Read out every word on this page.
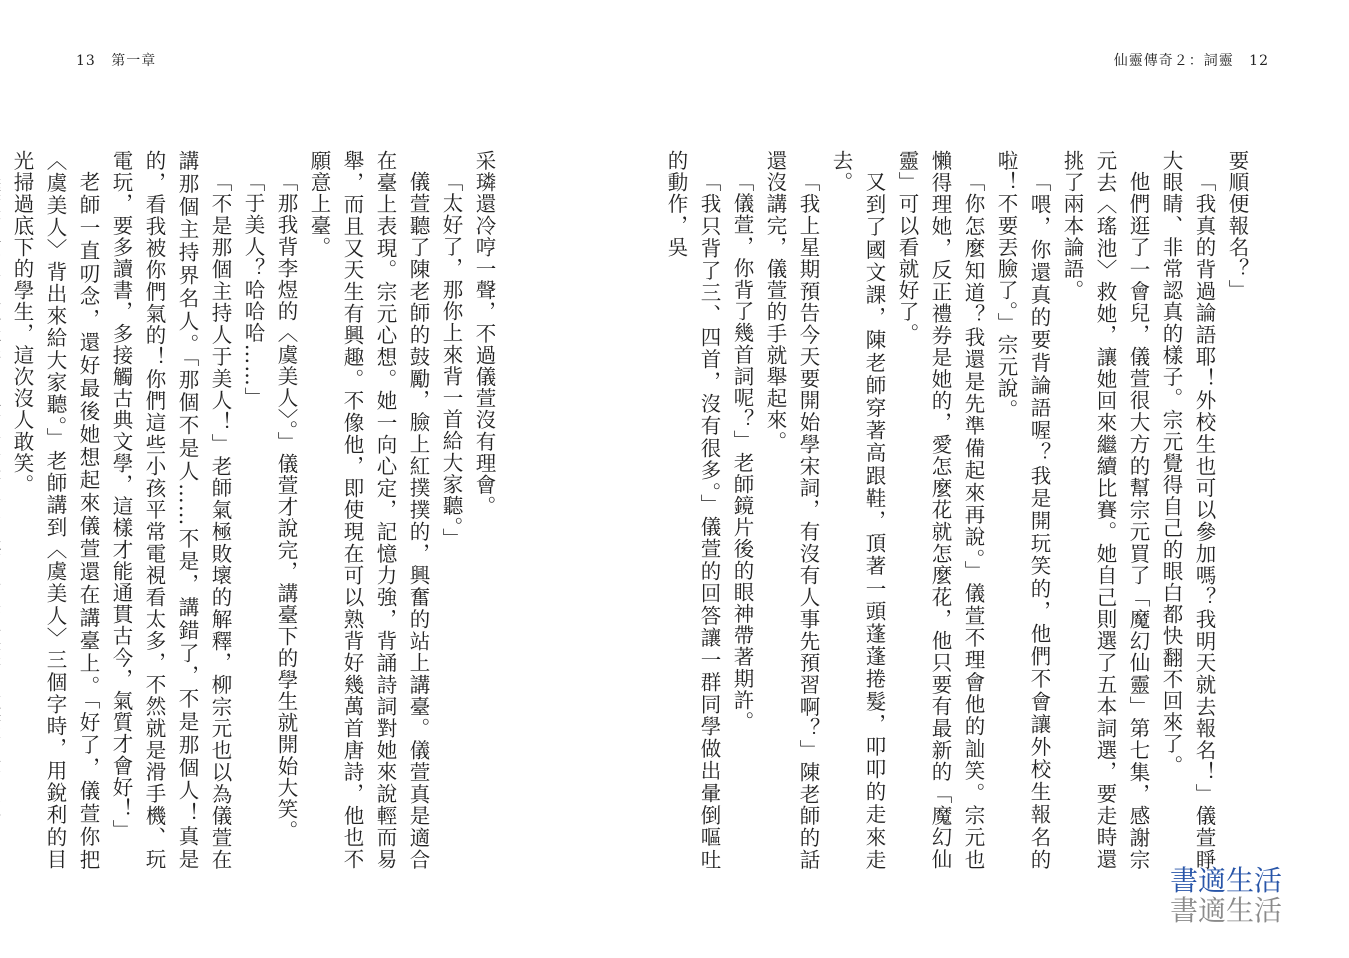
13 第一章

采璘還冷哼一聲，不過儀萱沒有理會。

「太好了，那你上來背一首給大家聽。」

儀萱聽了陳老師的鼓勵，臉上紅撲撲的，興奮的站上講臺。儀萱真是適合在臺上表現。宗元心想。她一向心定，記憶力強，背誦詩詞對她來說輕而易舉，而且又天生有興趣。不像他，即使現在可以熟背好幾萬首唐詩，他也不願意上臺。

「那我背李煜的〈虞美人〉。」儀萱才說完，講臺下的學生就開始大笑。

「于美人？哈哈哈……」

「不是那個主持人于美人！」老師氣極敗壞的解釋，柳宗元也以為儀萱在講那個主持界名人。「那個不是人……不是，講錯了，不是那個人！真是的，看我被你們氣的！你們這些小孩平常電視看太多，不然就是滑手機、玩電玩，要多讀書，多接觸古典文學，這樣才能通貫古今，氣質才會好！」

老師一直叨念，還好最後她想起來儀萱還在講臺上。「好了，儀萱你把〈虞美人〉背出來給大家聽。」老師講到〈虞美人〉三個字時，用銳利的目光掃過底下的學生，這次沒人敢笑。

仙靈傳奇２：詞靈 12

要順便報名？」

「我真的背過論語耶！外校生也可以參加嗎？我明天就去報名！」儀萱睜大眼睛、非常認真的樣子。宗元覺得自己的眼白都快翻不回來了。

他們逛了一會兒，儀萱很大方的幫宗元買了「魔幻仙靈」第七集，感謝宗元去〈瑤池〉救她，讓她回來繼續比賽。她自己則選了五本詞選，要走時還挑了兩本論語。

「喂，你還真的要背論語喔？我是開玩笑的，他們不會讓外校生報名的啦！不要丟臉了。」宗元說。

「你怎麼知道？我還是先準備起來再說。」儀萱不理會他的訕笑。宗元也懶得理她，反正禮券是她的，愛怎麼花就怎麼花，他只要有最新的「魔幻仙靈」可以看就好了。

又到了國文課，陳老師穿著高跟鞋，頂著一頭蓬蓬捲髮，叩叩的走來走去。

「我上星期預告今天要開始學宋詞，有沒有人事先預習啊？」陳老師的話還沒講完，儀萱的手就舉起來。

「儀萱，你背了幾首詞呢？」老師鏡片後的眼神帶著期許。

「我只背了三、四首，沒有很多。」儀萱的回答讓一群同學做出暈倒嘔吐的動作，吳

書適生活
書適生活
